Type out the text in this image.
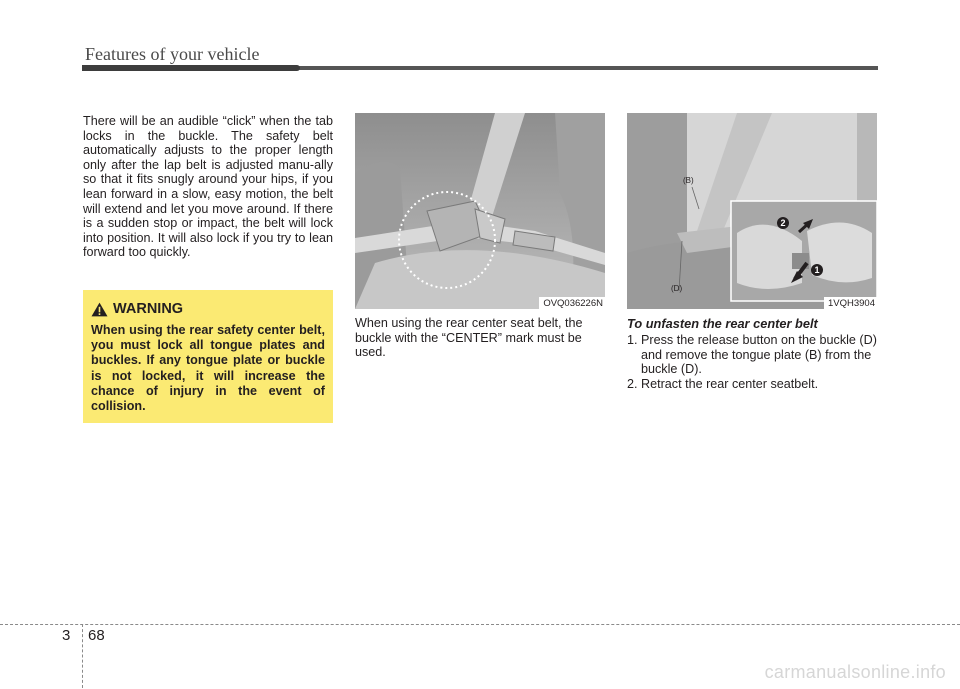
Features of your vehicle

There will be an audible “click” when the tab locks in the buckle. The safety belt automatically adjusts to the proper length only after the lap belt is adjusted manu-ally so that it fits snugly around your hips, if you lean forward in a slow, easy motion, the belt will extend and let you move around. If there is a sudden stop or impact, the belt will lock into position. It will also lock if you try to lean forward too quickly.

WARNING

When using the rear safety center belt, you must lock all tongue plates and buckles. If any tongue plate or buckle is not locked, it will increase the chance of injury in the event of collision.

OVQ036226N

When using the rear center seat belt, the buckle with the “CENTER” mark must be used.

(B)
(D)
2
1
1VQH3904

To unfasten the rear center belt

1. Press the release button on the buckle (D) and remove the tongue plate (B) from the buckle (D).

2. Retract the rear center seatbelt.

3 68
carmanualsonline.info
